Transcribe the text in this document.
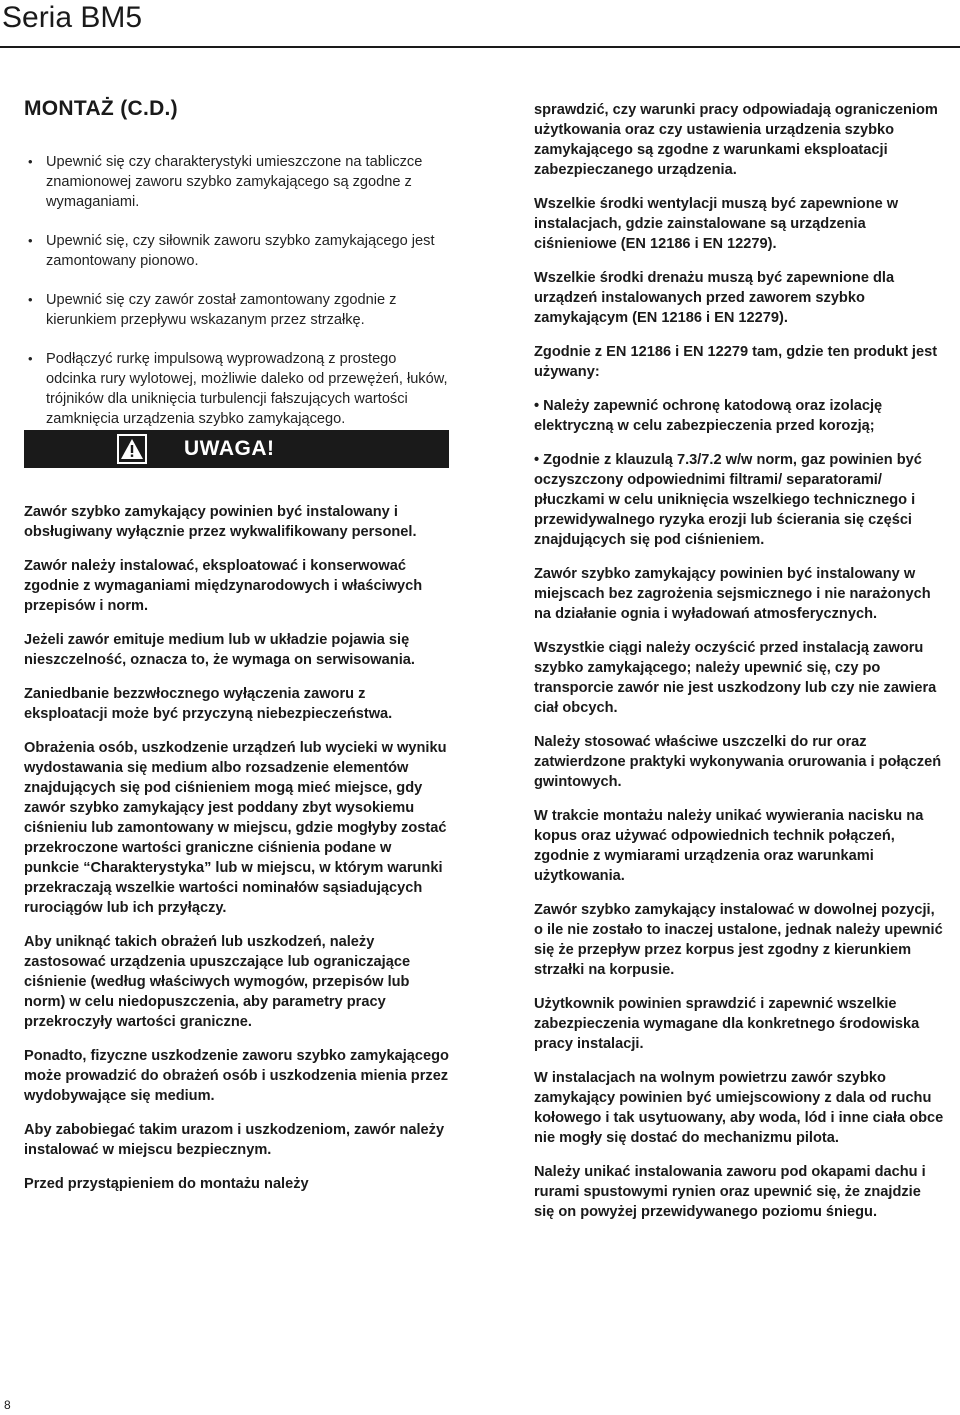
Seria BM5
MONTAŻ (C.D.)
• Upewnić się czy charakterystyki umieszczone na tabliczce znamionowej zaworu szybko zamykającego są zgodne z wymaganiami.
• Upewnić się, czy siłownik zaworu szybko zamykającego jest zamontowany pionowo.
• Upewnić się czy zawór został zamontowany zgodnie z kierunkiem przepływu wskazanym przez strzałkę.
• Podłączyć rurkę impulsową wyprowadzoną z prostego odcinka rury wylotowej, możliwie daleko od przewężeń, łuków, trójników dla uniknięcia turbulencji fałszujących wartości zamknięcia urządzenia szybko zamykającego.
UWAGA!

Zawór szybko zamykający powinien być instalowany i obsługiwany wyłącznie przez wykwalifikowany personel.

Zawór należy instalować, eksploatować i konserwować zgodnie z wymaganiami międzynarodowych i właściwych przepisów i norm.

Jeżeli zawór emituje medium lub w układzie pojawia się nieszczelność, oznacza to, że wymaga on serwisowania.

Zaniedbanie bezzwłocznego wyłączenia zaworu z eksploatacji może być przyczyną niebezpieczeństwa.

Obrażenia osób, uszkodzenie urządzeń lub wycieki w wyniku wydostawania się medium albo rozsadzenie elementów znajdujących się pod ciśnieniem mogą mieć miejsce, gdy zawór szybko zamykający jest poddany zbyt wysokiemu ciśnieniu lub zamontowany w miejscu, gdzie mogłyby zostać przekroczone wartości graniczne ciśnienia podane w punkcie “Charakterystyka” lub w miejscu, w którym warunki przekraczają wszelkie wartości nominałów sąsiadujących rurociągów lub ich przyłączy.

Aby uniknąć takich obrażeń lub uszkodzeń, należy zastosować urządzenia upuszczające lub ograniczające ciśnienie (według właściwych wymogów, przepisów lub norm) w celu niedopuszczenia, aby parametry pracy przekroczyły wartości graniczne.

Ponadto, fizyczne uszkodzenie zaworu szybko zamykającego może prowadzić do obrażeń osób i uszkodzenia mienia przez wydobywające się medium.

Aby zabobiegać takim urazom i uszkodzeniom, zawór należy instalować w miejscu bezpiecznym.

Przed przystąpieniem do montażu należy

sprawdzić, czy warunki pracy odpowiadają ograniczeniom użytkowania oraz czy ustawienia urządzenia szybko zamykającego są zgodne z warunkami eksploatacji zabezpieczanego urządzenia.

Wszelkie środki wentylacji muszą być zapewnione w instalacjach, gdzie zainstalowane są urządzenia ciśnieniowe (EN 12186 i EN 12279).

Wszelkie środki drenażu muszą być zapewnione dla urządzeń instalowanych przed zaworem szybko zamykającym (EN 12186 i EN 12279).

Zgodnie z EN 12186 i EN 12279 tam, gdzie ten produkt jest używany:

• Należy zapewnić ochronę katodową oraz izolację elektryczną w celu zabezpieczenia przed korozją;

• Zgodnie z klauzulą 7.3/7.2 w/w norm, gaz powinien być oczyszczony odpowiednimi filtrami/ separatorami/ płuczkami w celu uniknięcia wszelkiego technicznego i przewidywalnego ryzyka erozji lub ścierania się części znajdujących się pod ciśnieniem.

Zawór szybko zamykający powinien być instalowany w miejscach bez zagrożenia sejsmicznego i nie narażonych na działanie ognia i wyładowań atmosferycznych.

Wszystkie ciągi należy oczyścić przed instalacją zaworu szybko zamykającego; należy upewnić się, czy po transporcie zawór nie jest uszkodzony lub czy nie zawiera ciał obcych.

Należy stosować właściwe uszczelki do rur oraz zatwierdzone praktyki wykonywania orurowania i połączeń gwintowych.

W trakcie montażu należy unikać wywierania nacisku na kopus oraz używać odpowiednich technik połączeń, zgodnie z wymiarami urządzenia oraz warunkami użytkowania.

Zawór szybko zamykający instalować w dowolnej pozycji, o ile nie zostało to inaczej ustalone, jednak należy upewnić się że przepływ przez korpus jest zgodny z kierunkiem strzałki na korpusie.

Użytkownik powinien sprawdzić i zapewnić wszelkie zabezpieczenia wymagane dla konkretnego środowiska pracy instalacji.

W instalacjach na wolnym powietrzu zawór szybko zamykający powinien być umiejscowiony z dala od ruchu kołowego i tak usytuowany, aby woda, lód i inne ciała obce nie mogły się dostać do mechanizmu pilota.

Należy unikać instalowania zaworu pod okapami dachu i rurami spustowymi rynien oraz upewnić się, że znajdzie się on powyżej przewidywanego poziomu śniegu.

8
